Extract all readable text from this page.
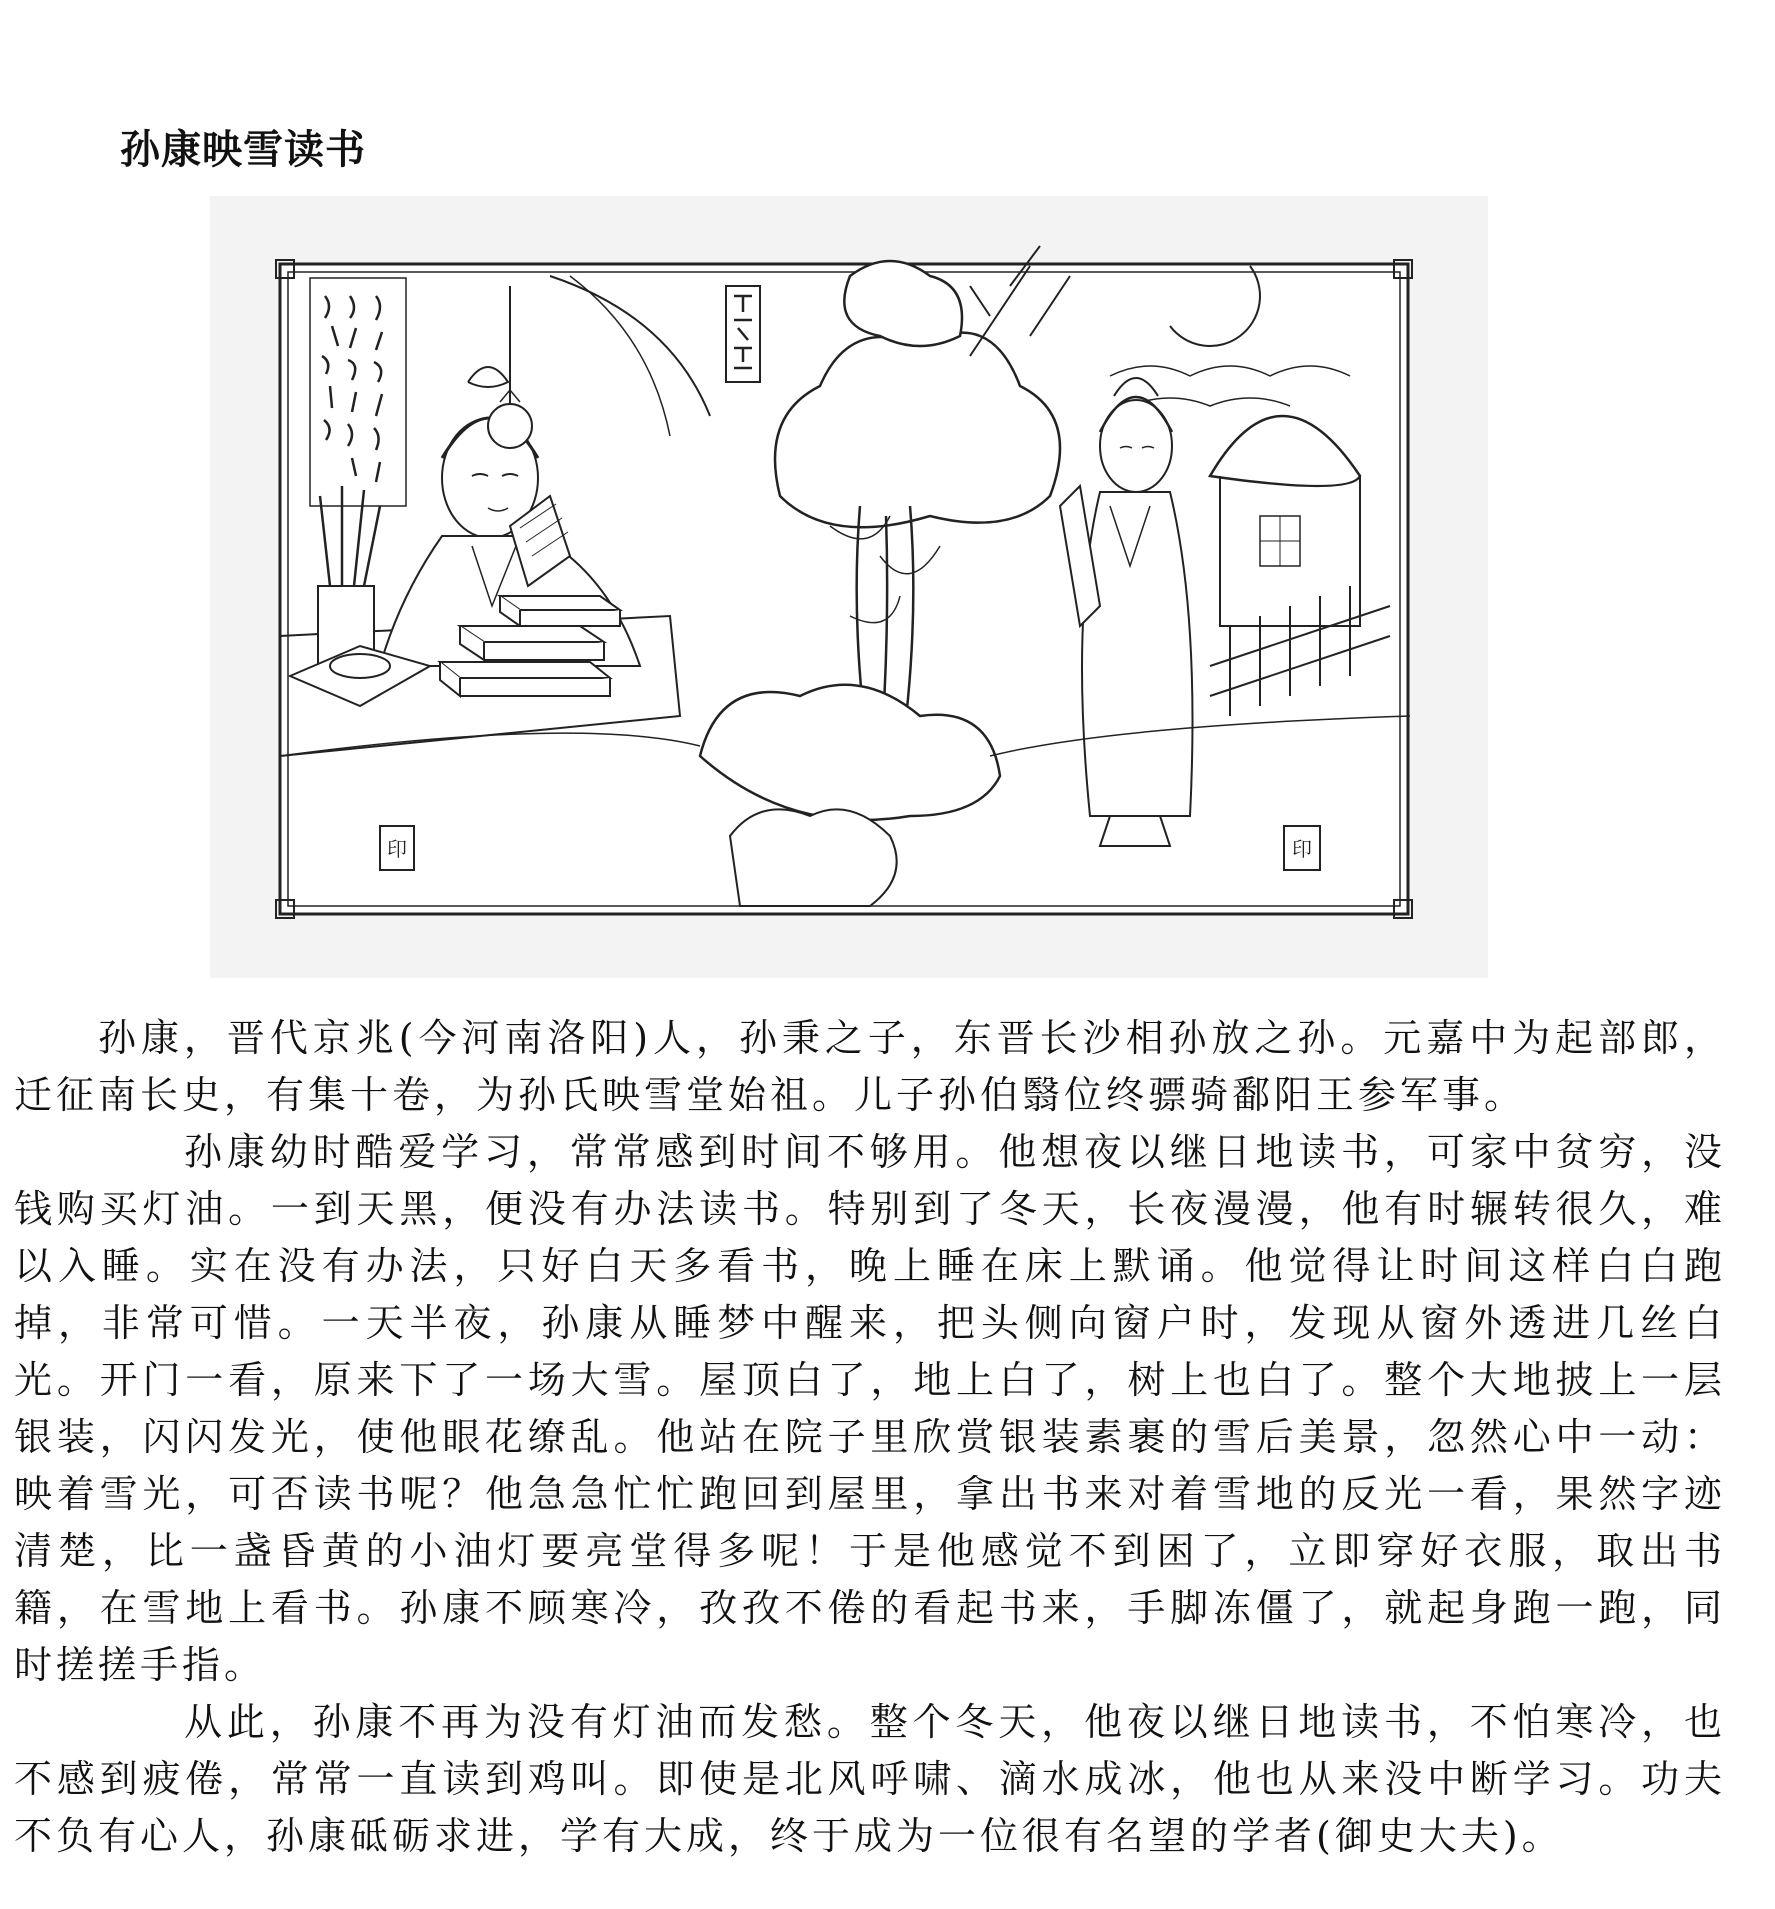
孙康映雪读书
印	印

孙康，晋代京兆(今河南洛阳)人，孙秉之子，东晋长沙相孙放之孙。元嘉中为起部郎，迁征南长史，有集十卷，为孙氏映雪堂始祖。儿子孙伯翳位终骠骑鄱阳王参军事。

孙康幼时酷爱学习，常常感到时间不够用。他想夜以继日地读书，可家中贫穷，没钱购买灯油。一到天黑，便没有办法读书。特别到了冬天，长夜漫漫，他有时辗转很久，难以入睡。实在没有办法，只好白天多看书，晚上睡在床上默诵。他觉得让时间这样白白跑掉，非常可惜。一天半夜，孙康从睡梦中醒来，把头侧向窗户时，发现从窗外透进几丝白光。开门一看，原来下了一场大雪。屋顶白了，地上白了，树上也白了。整个大地披上一层银装，闪闪发光，使他眼花缭乱。他站在院子里欣赏银装素裹的雪后美景，忽然心中一动：映着雪光，可否读书呢？他急急忙忙跑回到屋里，拿出书来对着雪地的反光一看，果然字迹清楚，比一盏昏黄的小油灯要亮堂得多呢！于是他感觉不到困了，立即穿好衣服，取出书籍，在雪地上看书。孙康不顾寒冷，孜孜不倦的看起书来，手脚冻僵了，就起身跑一跑，同时搓搓手指。

从此，孙康不再为没有灯油而发愁。整个冬天，他夜以继日地读书，不怕寒冷，也不感到疲倦，常常一直读到鸡叫。即使是北风呼啸、滴水成冰，他也从来没中断学习。功夫不负有心人，孙康砥砺求进，学有大成，终于成为一位很有名望的学者(御史大夫)。
